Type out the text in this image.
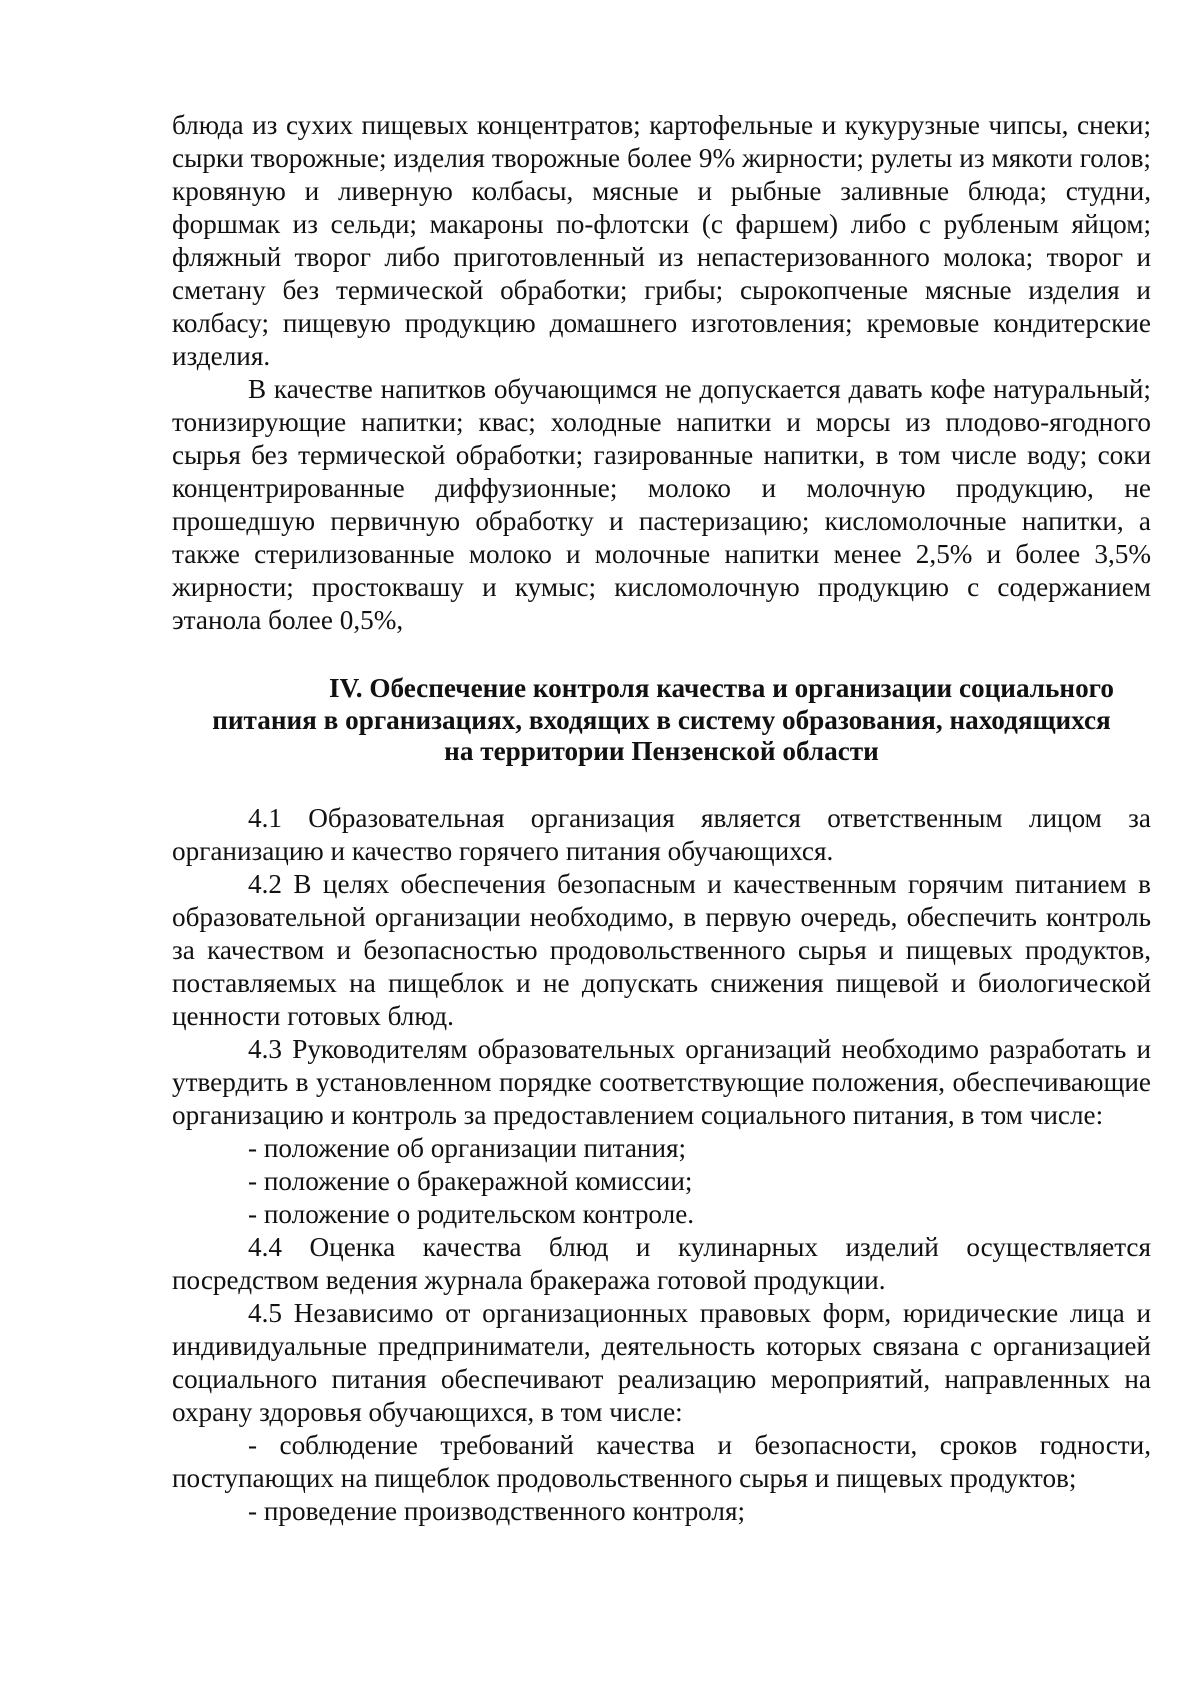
блюда из сухих пищевых концентратов; картофельные и кукурузные чипсы, снеки; сырки творожные; изделия творожные более 9% жирности; рулеты из мякоти голов; кровяную и ливерную колбасы, мясные и рыбные заливные блюда; студни, форшмак из сельди; макароны по-флотски (с фаршем) либо с рубленым яйцом; фляжный творог либо приготовленный из непастеризованного молока; творог и сметану без термической обработки; грибы; сырокопченые мясные изделия и колбасу; пищевую продукцию домашнего изготовления; кремовые кондитерские изделия.

В качестве напитков обучающимся не допускается давать кофе натуральный; тонизирующие напитки; квас; холодные напитки и морсы из плодово-ягодного сырья без термической обработки; газированные напитки, в том числе воду; соки концентрированные диффузионные; молоко и молочную продукцию, не прошедшую первичную обработку и пастеризацию; кисломолочные напитки, а также стерилизованные молоко и молочные напитки менее 2,5% и более 3,5% жирности; простоквашу и кумыс; кисломолочную продукцию с содержанием этанола более 0,5%,

IV. Обеспечение контроля качества и организации социального
питания в организациях, входящих в систему образования, находящихся
на территории Пензенской области

4.1 Образовательная организация является ответственным лицом за организацию и качество горячего питания обучающихся.

4.2 В целях обеспечения безопасным и качественным горячим питанием в образовательной организации необходимо, в первую очередь, обеспечить контроль за качеством и безопасностью продовольственного сырья и пищевых продуктов, поставляемых на пищеблок и не допускать снижения пищевой и биологической ценности готовых блюд.

4.3 Руководителям образовательных организаций необходимо разработать и утвердить в установленном порядке соответствующие положения, обеспечивающие организацию и контроль за предоставлением социального питания, в том числе:

- положение об организации питания;

- положение о бракеражной комиссии;

- положение о родительском контроле.

4.4 Оценка качества блюд и кулинарных изделий осуществляется посредством ведения журнала бракеража готовой продукции.

4.5 Независимо от организационных правовых форм, юридические лица и индивидуальные предприниматели, деятельность которых связана с организацией социального питания обеспечивают реализацию мероприятий, направленных на охрану здоровья обучающихся, в том числе:

- соблюдение требований качества и безопасности, сроков годности, поступающих на пищеблок продовольственного сырья и пищевых продуктов;

- проведение производственного контроля;
